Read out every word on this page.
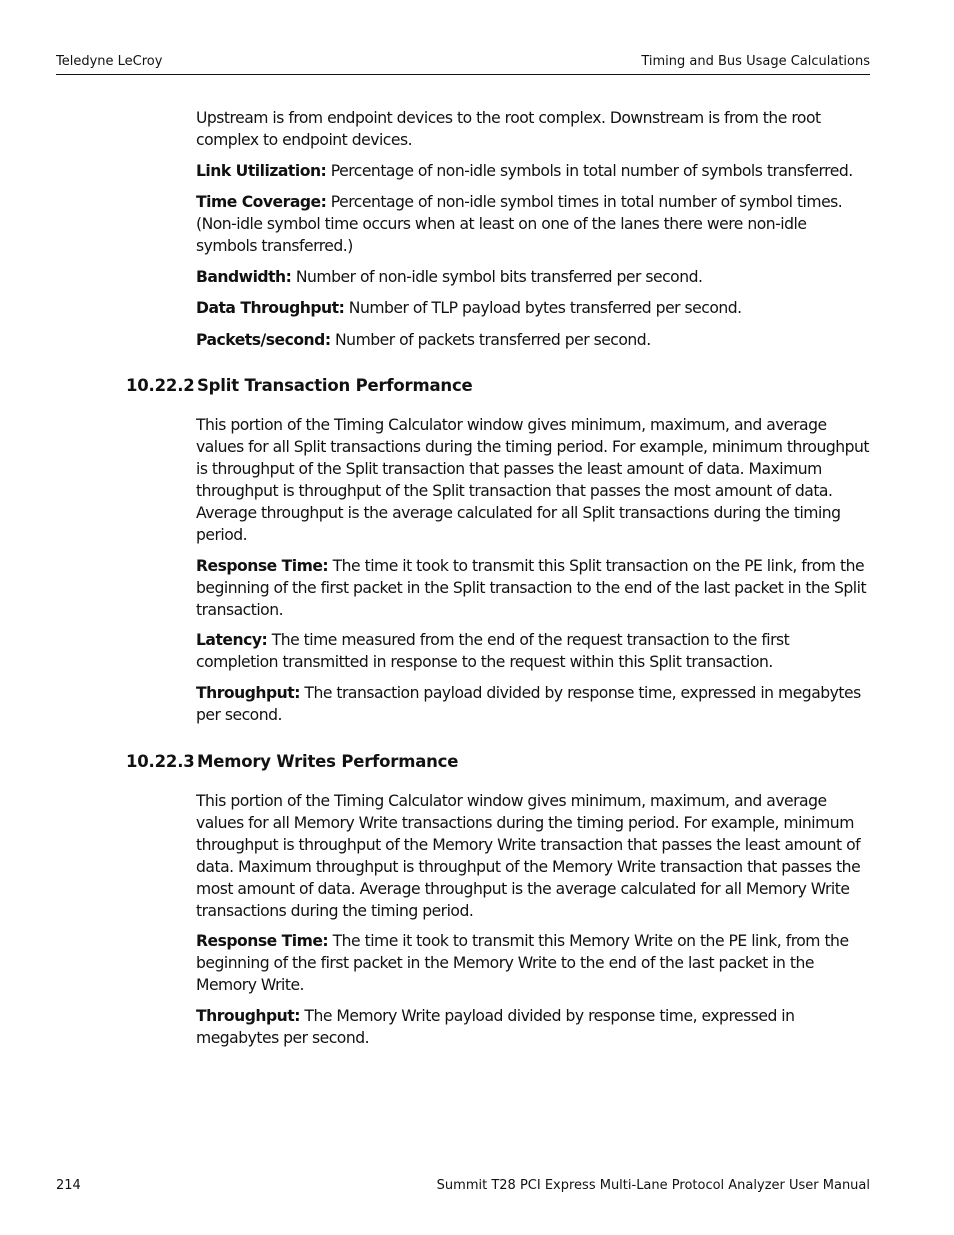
Teledyne LeCroy	Timing and Bus Usage Calculations

Upstream is from endpoint devices to the root complex. Downstream is from the root complex to endpoint devices.

Link Utilization: Percentage of non-idle symbols in total number of symbols transferred.

Time Coverage: Percentage of non-idle symbol times in total number of symbol times. (Non-idle symbol time occurs when at least on one of the lanes there were non-idle symbols transferred.)

Bandwidth: Number of non-idle symbol bits transferred per second.

Data Throughput: Number of TLP payload bytes transferred per second.

Packets/second: Number of packets transferred per second.

10.22.2 Split Transaction Performance

This portion of the Timing Calculator window gives minimum, maximum, and average values for all Split transactions during the timing period. For example, minimum throughput is throughput of the Split transaction that passes the least amount of data. Maximum throughput is throughput of the Split transaction that passes the most amount of data. Average throughput is the average calculated for all Split transactions during the timing period.

Response Time: The time it took to transmit this Split transaction on the PE link, from the beginning of the first packet in the Split transaction to the end of the last packet in the Split transaction.

Latency: The time measured from the end of the request transaction to the first completion transmitted in response to the request within this Split transaction.

Throughput: The transaction payload divided by response time, expressed in megabytes per second.

10.22.3 Memory Writes Performance

This portion of the Timing Calculator window gives minimum, maximum, and average values for all Memory Write transactions during the timing period. For example, minimum throughput is throughput of the Memory Write transaction that passes the least amount of data. Maximum throughput is throughput of the Memory Write transaction that passes the most amount of data. Average throughput is the average calculated for all Memory Write transactions during the timing period.

Response Time: The time it took to transmit this Memory Write on the PE link, from the beginning of the first packet in the Memory Write to the end of the last packet in the Memory Write.

Throughput: The Memory Write payload divided by response time, expressed in megabytes per second.

214	Summit T28 PCI Express Multi-Lane Protocol Analyzer User Manual
